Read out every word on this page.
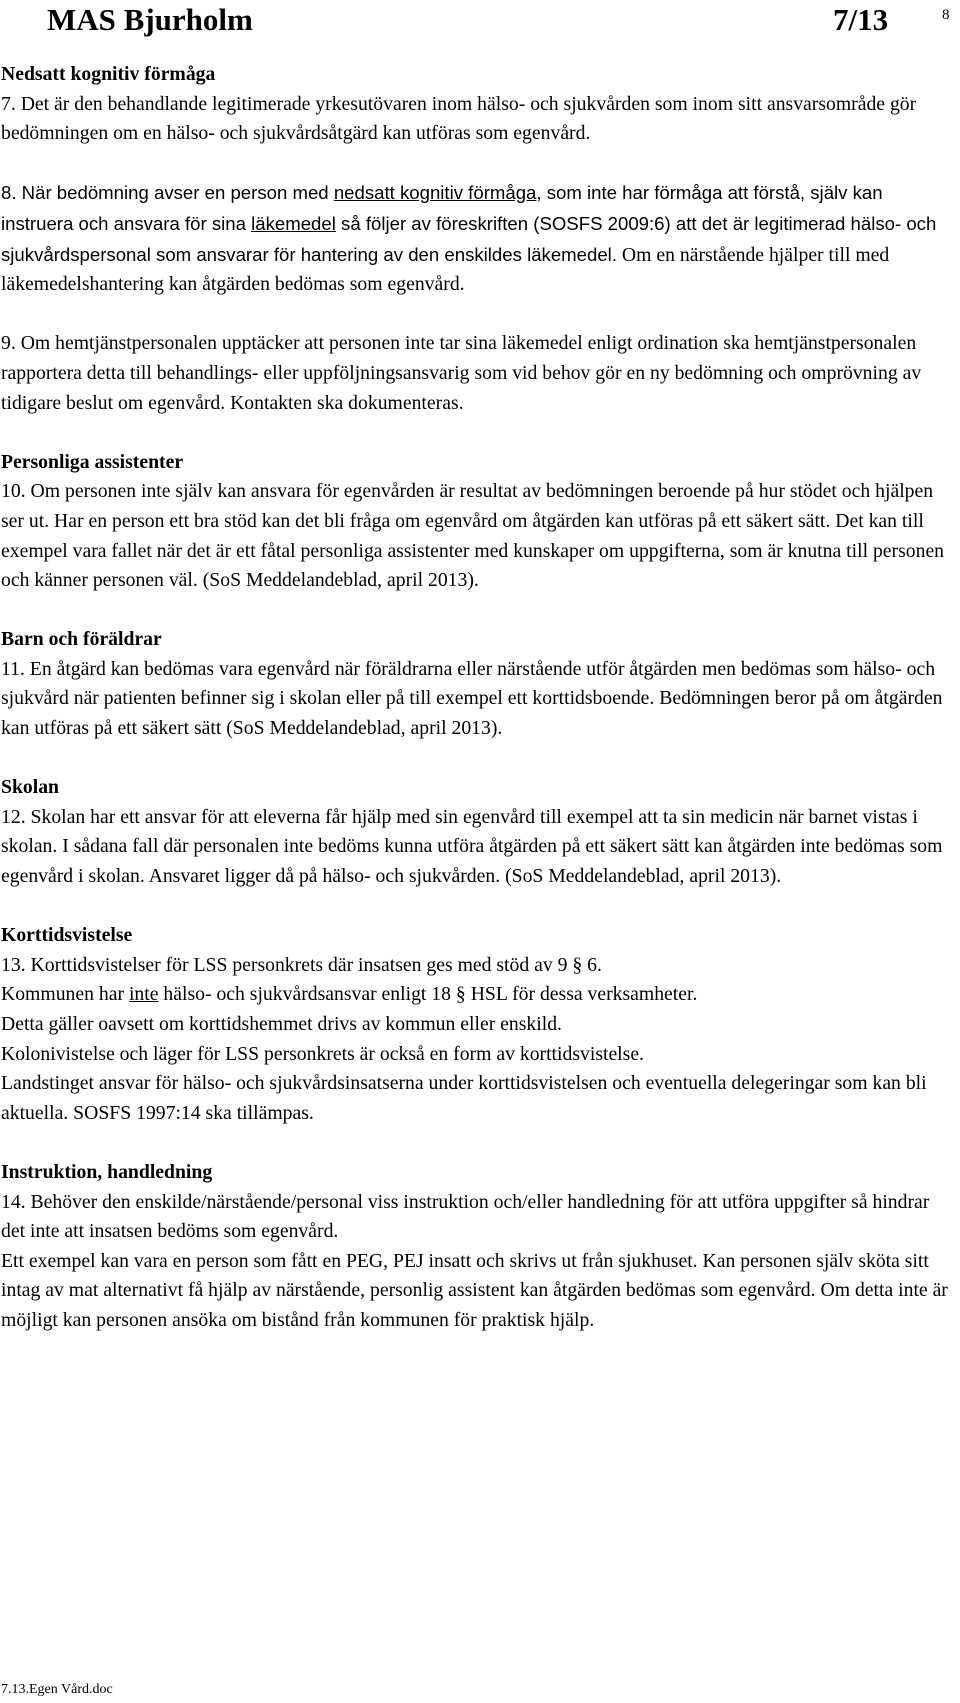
MAS Bjurholm	7/13	8
Nedsatt kognitiv förmåga
7. Det är den behandlande legitimerade yrkesutövaren inom hälso- och sjukvården som inom sitt ansvarsområde gör bedömningen om en hälso- och sjukvårdsåtgärd kan utföras som egenvård.
8. När bedömning avser en person med nedsatt kognitiv förmåga, som inte har förmåga att förstå, själv kan instruera och ansvara för sina läkemedel så följer av föreskriften (SOSFS 2009:6) att det är legitimerad hälso- och sjukvårdspersonal som ansvarar för hantering av den enskildes läkemedel. Om en närstående hjälper till med läkemedelshantering kan åtgärden bedömas som egenvård.
9. Om hemtjänstpersonalen upptäcker att personen inte tar sina läkemedel enligt ordination ska hemtjänstpersonalen rapportera detta till behandlings- eller uppföljningsansvarig som vid behov gör en ny bedömning och omprövning av tidigare beslut om egenvård. Kontakten ska dokumenteras.
Personliga assistenter
10. Om personen inte själv kan ansvara för egenvården är resultat av bedömningen beroende på hur stödet och hjälpen ser ut. Har en person ett bra stöd kan det bli fråga om egenvård om åtgärden kan utföras på ett säkert sätt. Det kan till exempel vara fallet när det är ett fåtal personliga assistenter med kunskaper om uppgifterna, som är knutna till personen och känner personen väl. (SoS Meddelandeblad, april 2013).
Barn och föräldrar
11. En åtgärd kan bedömas vara egenvård när föräldrarna eller närstående utför åtgärden men bedömas som hälso- och sjukvård när patienten befinner sig i skolan eller på till exempel ett korttidsboende. Bedömningen beror på om åtgärden kan utföras på ett säkert sätt (SoS Meddelandeblad, april 2013).
Skolan
12. Skolan har ett ansvar för att eleverna får hjälp med sin egenvård till exempel att ta sin medicin när barnet vistas i skolan. I sådana fall där personalen inte bedöms kunna utföra åtgärden på ett säkert sätt kan åtgärden inte bedömas som egenvård i skolan. Ansvaret ligger då på hälso- och sjukvården. (SoS Meddelandeblad, april 2013).
Korttidsvistelse
13. Korttidsvistelser för LSS personkrets där insatsen ges med stöd av 9 § 6.
Kommunen har inte hälso- och sjukvårdsansvar enligt 18 § HSL för dessa verksamheter.
Detta gäller oavsett om korttidshemmet drivs av kommun eller enskild.
Kolonivistelse och läger för LSS personkrets är också en form av korttidsvistelse.
Landstinget ansvar för hälso- och sjukvårdsinsatserna under korttidsvistelsen och eventuella delegeringar som kan bli aktuella. SOSFS 1997:14 ska tillämpas.
Instruktion, handledning
14. Behöver den enskilde/närstående/personal viss instruktion och/eller handledning för att utföra uppgifter så hindrar det inte att insatsen bedöms som egenvård.
Ett exempel kan vara en person som fått en PEG, PEJ insatt och skrivs ut från sjukhuset. Kan personen själv sköta sitt intag av mat alternativt få hjälp av närstående, personlig assistent kan åtgärden bedömas som egenvård. Om detta inte är möjligt kan personen ansöka om bistånd från kommunen för praktisk hjälp.
7.13.Egen Vård.doc
